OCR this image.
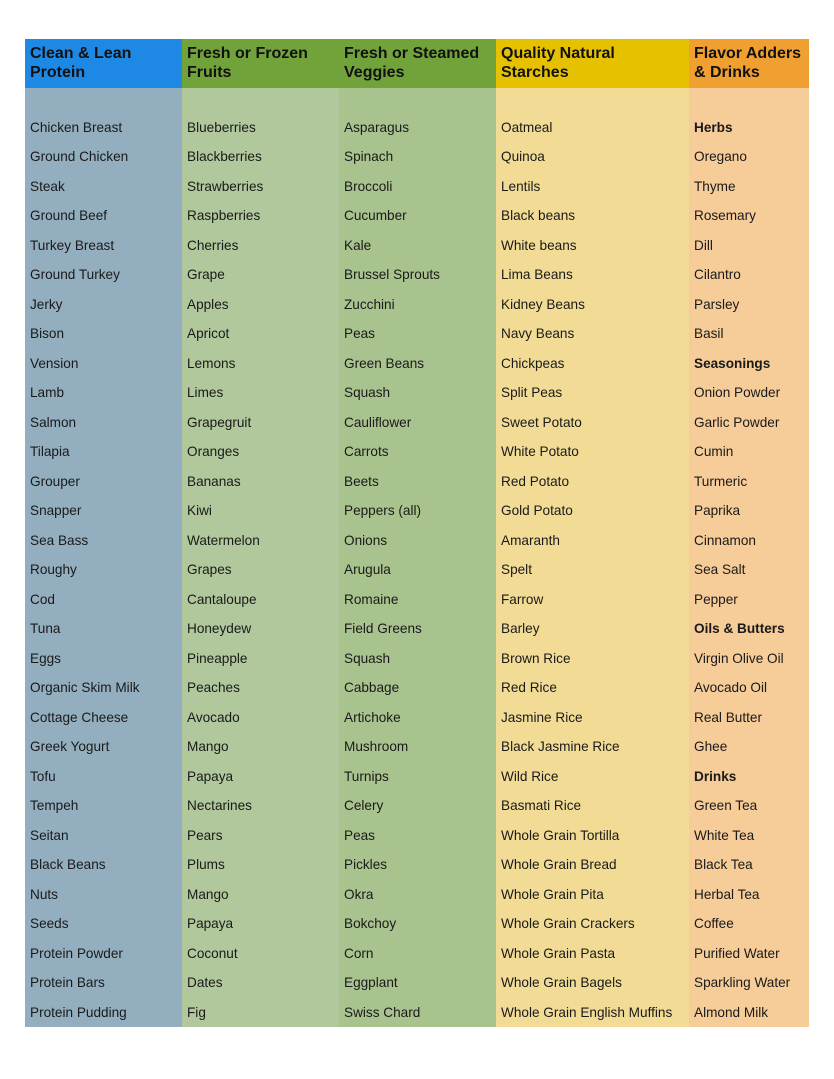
Clean & Lean Protein
Chicken Breast
Ground Chicken
Steak
Ground Beef
Turkey Breast
Ground Turkey
Jerky
Bison
Vension
Lamb
Salmon
Tilapia
Grouper
Snapper
Sea Bass
Roughy
Cod
Tuna
Eggs
Organic Skim Milk
Cottage Cheese
Greek Yogurt
Tofu
Tempeh
Seitan
Black Beans
Nuts
Seeds
Protein Powder
Protein Bars
Protein Pudding
Fresh or Frozen Fruits
Blueberries
Blackberries
Strawberries
Raspberries
Cherries
Grape
Apples
Apricot
Lemons
Limes
Grapegruit
Oranges
Bananas
Kiwi
Watermelon
Grapes
Cantaloupe
Honeydew
Pineapple
Peaches
Avocado
Mango
Papaya
Nectarines
Pears
Plums
Mango
Papaya
Coconut
Dates
Fig
Fresh or Steamed Veggies
Asparagus
Spinach
Broccoli
Cucumber
Kale
Brussel Sprouts
Zucchini
Peas
Green Beans
Squash
Cauliflower
Carrots
Beets
Peppers (all)
Onions
Arugula
Romaine
Field Greens
Squash
Cabbage
Artichoke
Mushroom
Turnips
Celery
Peas
Pickles
Okra
Bokchoy
Corn
Eggplant
Swiss Chard
Quality Natural Starches
Oatmeal
Quinoa
Lentils
Black beans
White beans
Lima Beans
Kidney Beans
Navy Beans
Chickpeas
Split Peas
Sweet Potato
White Potato
Red Potato
Gold Potato
Amaranth
Spelt
Farrow
Barley
Brown Rice
Red Rice
Jasmine Rice
Black Jasmine Rice
Wild Rice
Basmati Rice
Whole Grain Tortilla
Whole Grain Bread
Whole Grain Pita
Whole Grain Crackers
Whole Grain Pasta
Whole Grain Bagels
Whole Grain English Muffins
Flavor Adders & Drinks
Herbs
Oregano
Thyme
Rosemary
Dill
Cilantro
Parsley
Basil
Seasonings
Onion Powder
Garlic Powder
Cumin
Turmeric
Paprika
Cinnamon
Sea Salt
Pepper
Oils & Butters
Virgin Olive Oil
Avocado Oil
Real Butter
Ghee
Drinks
Green Tea
White Tea
Black Tea
Herbal Tea
Coffee
Purified Water
Sparkling Water
Almond Milk
